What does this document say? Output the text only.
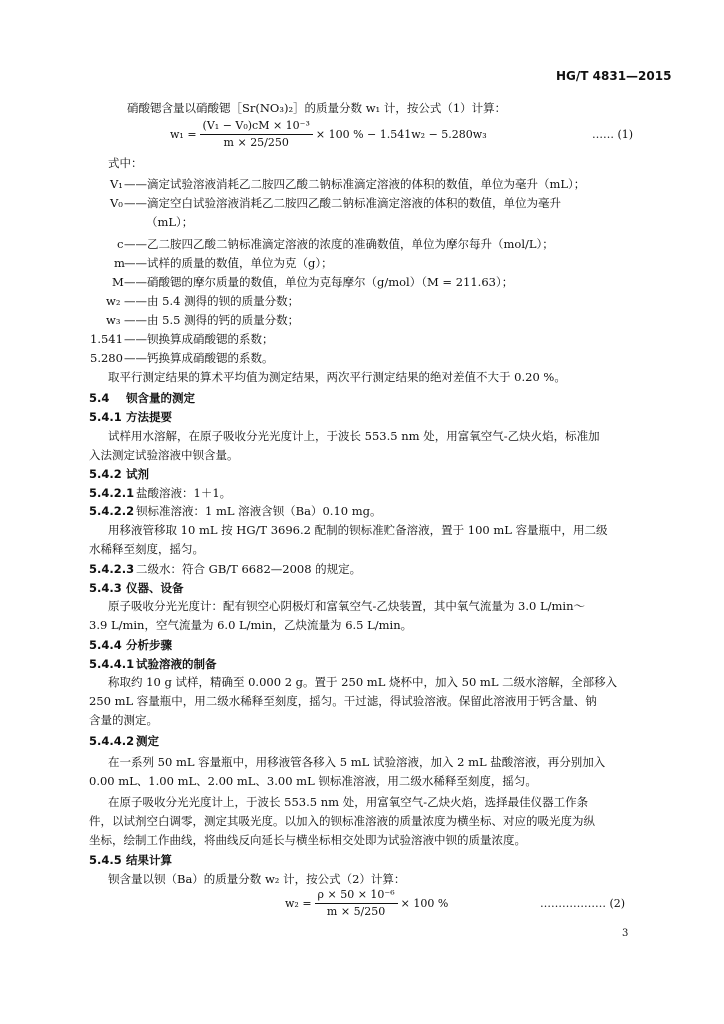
HG/T 4831—2015
硝酸锶含量以硝酸锶［Sr(NO₃)₂］的质量分数 w₁ 计，按公式（1）计算：
$w_1 = \frac{\text{(V₁ − V₀)cM × 10⁻³}}{m \times 25/250} \times 100$ % − 1.541w₂ − 5.280w₃	…… (1)
式中：
V₁ ——滴定试验溶液消耗乙二胺四乙酸二钠标准滴定溶液的体积的数值，单位为毫升（mL）；
V₀ ——滴定空白试验溶液消耗乙二胺四乙酸二钠标准滴定溶液的体积的数值，单位为毫升
（mL）；
c ——乙二胺四乙酸二钠标准滴定溶液的浓度的准确数值，单位为摩尔每升（mol/L）；
m ——试样的质量的数值，单位为克（g）；
M ——硝酸锶的摩尔质量的数值，单位为克每摩尔（g/mol）（M = 211.63）；
w₂ ——由 5.4 测得的钡的质量分数；
w₃ ——由 5.5 测得的钙的质量分数；
1.541 ——钡换算成硝酸锶的系数；
5.280 ——钙换算成硝酸锶的系数。
取平行测定结果的算术平均值为测定结果，两次平行测定结果的绝对差值不大于 0.20 %。
5.4 钡含量的测定
5.4.1 方法提要
试样用水溶解，在原子吸收分光光度计上，于波长 553.5 nm 处，用富氧空气-乙炔火焰，标准加
入法测定试验溶液中钡含量。
5.4.2 试剂
5.4.2.1 盐酸溶液：1＋1。
5.4.2.2 钡标准溶液：1 mL 溶液含钡（Ba）0.10 mg。
用移液管移取 10 mL 按 HG/T 3696.2 配制的钡标准贮备溶液，置于 100 mL 容量瓶中，用二级
水稀释至刻度，摇匀。
5.4.2.3 二级水：符合 GB/T 6682—2008 的规定。
5.4.3 仪器、设备
原子吸收分光光度计：配有钡空心阴极灯和富氧空气-乙炔装置，其中氧气流量为 3.0 L/min～
3.9 L/min，空气流量为 6.0 L/min，乙炔流量为 6.5 L/min。
5.4.4 分析步骤
5.4.4.1 试验溶液的制备
称取约 10 g 试样，精确至 0.000 2 g。置于 250 mL 烧杯中，加入 50 mL 二级水溶解，全部移入
250 mL 容量瓶中，用二级水稀释至刻度，摇匀。干过滤，得试验溶液。保留此溶液用于钙含量、钠
含量的测定。
5.4.4.2 测定
在一系列 50 mL 容量瓶中，用移液管各移入 5 mL 试验溶液，加入 2 mL 盐酸溶液，再分别加入
0.00 mL、1.00 mL、2.00 mL、3.00 mL 钡标准溶液，用二级水稀释至刻度，摇匀。
在原子吸收分光光度计上，于波长 553.5 nm 处，用富氧空气-乙炔火焰，选择最佳仪器工作条
件，以试剂空白调零，测定其吸光度。以加入的钡标准溶液的质量浓度为横坐标、对应的吸光度为纵
坐标，绘制工作曲线，将曲线反向延长与横坐标相交处即为试验溶液中钡的质量浓度。
5.4.5 结果计算
钡含量以钡（Ba）的质量分数 w₂ 计，按公式（2）计算：
$w_2 = \frac{\text{ρ × 50 × 10⁻⁶}}{m \times 5/250} \times 100$ %	……………… (2)
3
